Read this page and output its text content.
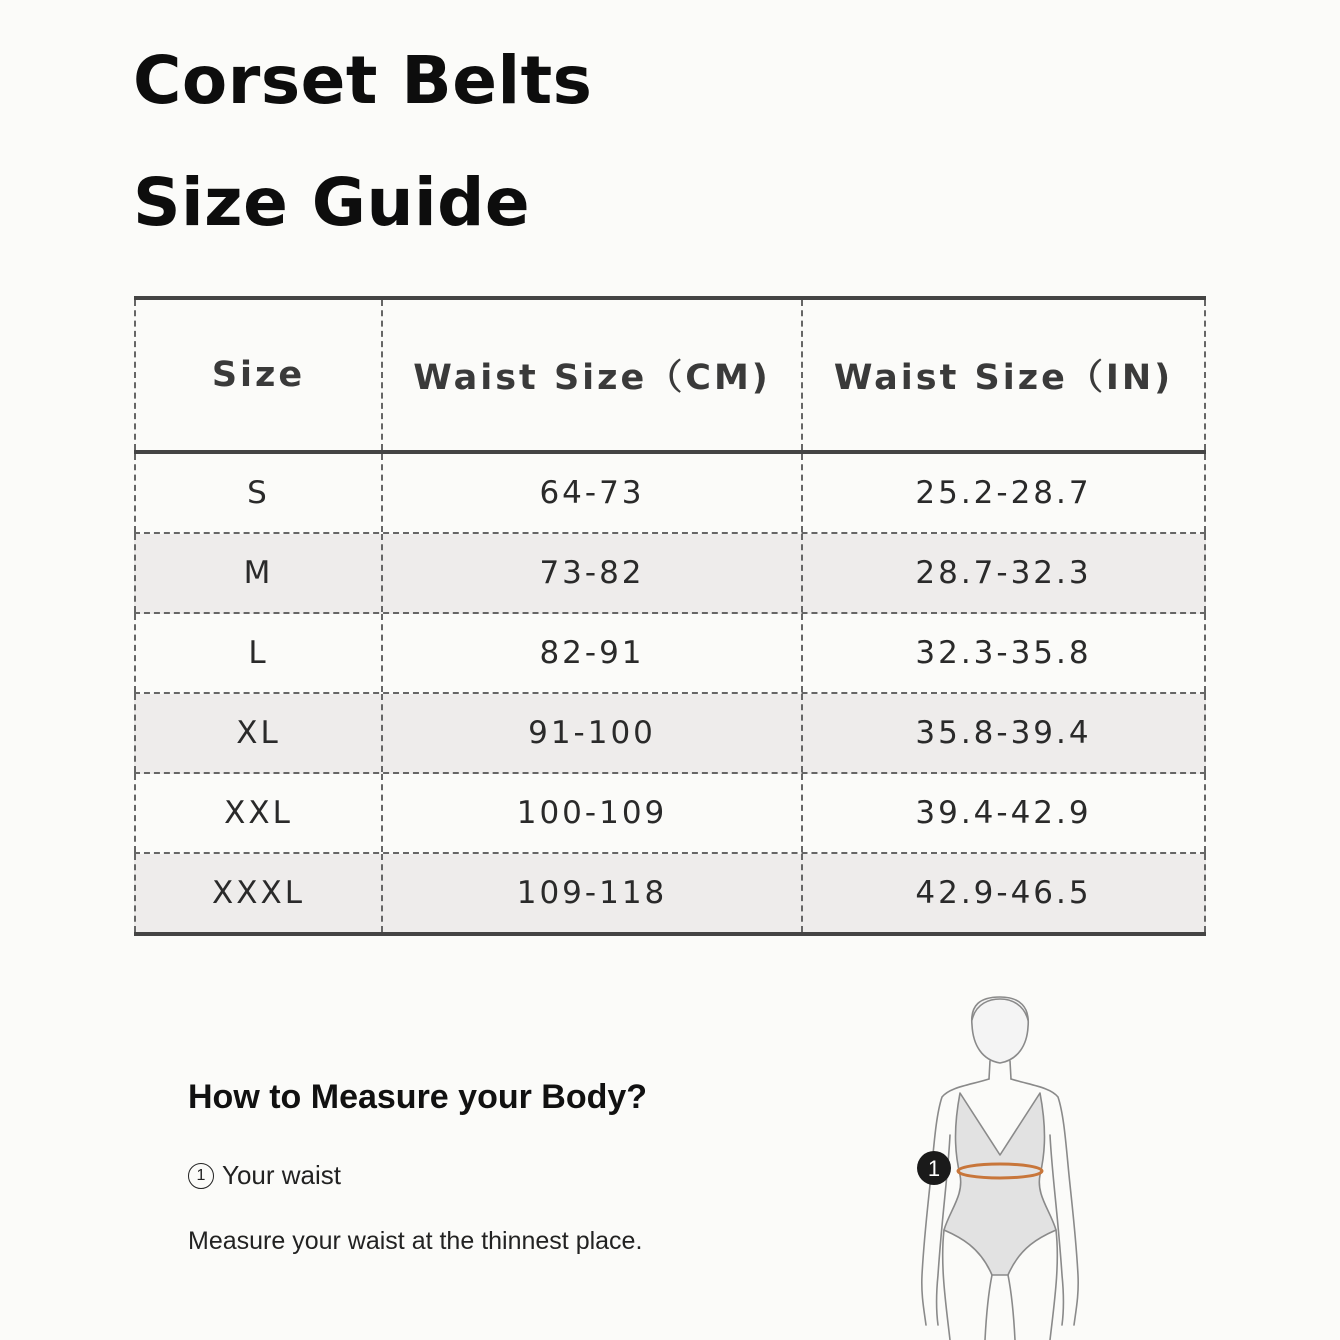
Corset Belts
Size Guide
Size	Waist Size（CM)	Waist Size（IN)
S	64-73	25.2-28.7
M	73-82	28.7-32.3
L	82-91	32.3-35.8
XL	91-100	35.8-39.4
XXL	100-109	39.4-42.9
XXXL	109-118	42.9-46.5
How to Measure your Body?
1 Your waist
Measure your waist at the thinnest place.
1
